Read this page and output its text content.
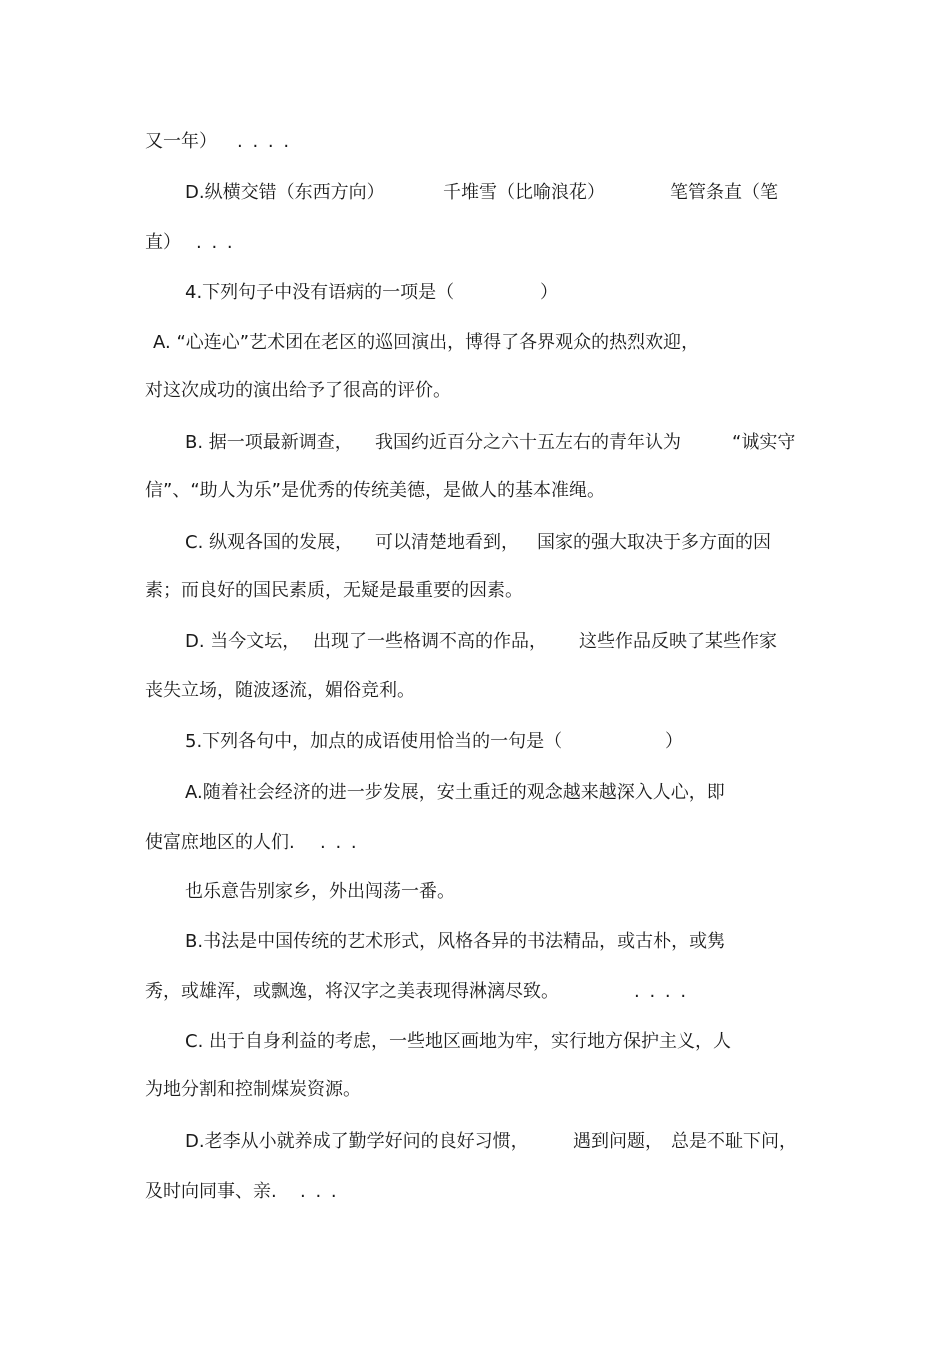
又一年） . . . .
D.纵横交错（东西方向）	千堆雪（比喻浪花）	笔管条直（笔
直） . . .
4.下列句子中没有语病的一项是（	）
A. “心连心”艺术团在老区的巡回演出，博得了各界观众的热烈欢迎，
对这次成功的演出给予了很高的评价。
B. 据一项最新调查， 我国约近百分之六十五左右的青年认为	“诚实守
信”、“助人为乐”是优秀的传统美德，是做人的基本准绳。
C. 纵观各国的发展， 可以清楚地看到， 国家的强大取决于多方面的因
素；而良好的国民素质，无疑是最重要的因素。
D. 当今文坛， 出现了一些格调不高的作品， 这些作品反映了某些作家
丧失立场，随波逐流，媚俗竞利。
5.下列各句中，加点的成语使用恰当的一句是（	）
A.随着社会经济的进一步发展，安土重迁的观念越来越深入人心，即
使富庶地区的人们. . . .
也乐意告别家乡，外出闯荡一番。
B.书法是中国传统的艺术形式，风格各异的书法精品，或古朴，或隽
秀，或雄浑，或飘逸，将汉字之美表现得淋漓尽致。	. . . .
C. 出于自身利益的考虑，一些地区画地为牢，实行地方保护主义，人
为地分割和控制煤炭资源。
D.老李从小就养成了勤学好问的良好习惯， 遇到问题， 总是不耻下问，
及时向同事、亲. . . .
